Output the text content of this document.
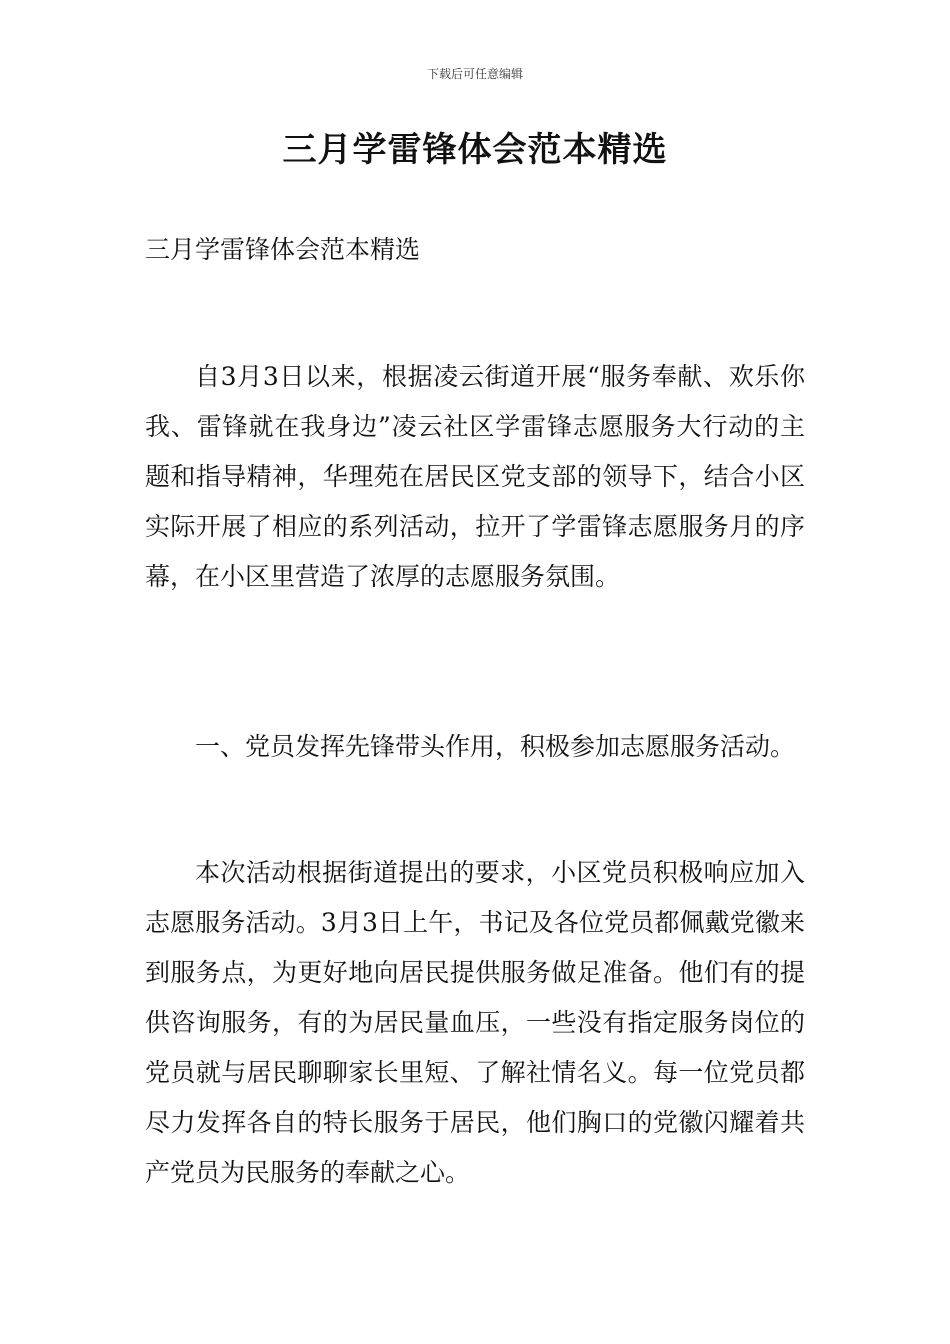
下载后可任意编辑
三月学雷锋体会范本精选
三月学雷锋体会范本精选

自3月3日以来，根据凌云街道开展“服务奉献、欢乐你我、雷锋就在我身边”凌云社区学雷锋志愿服务大行动的主题和指导精神，华理苑在居民区党支部的领导下，结合小区实际开展了相应的系列活动，拉开了学雷锋志愿服务月的序幕，在小区里营造了浓厚的志愿服务氛围。

一、党员发挥先锋带头作用，积极参加志愿服务活动。

本次活动根据街道提出的要求，小区党员积极响应加入志愿服务活动。3月3日上午，书记及各位党员都佩戴党徽来到服务点，为更好地向居民提供服务做足准备。他们有的提供咨询服务，有的为居民量血压，一些没有指定服务岗位的党员就与居民聊聊家长里短、了解社情名义。每一位党员都尽力发挥各自的特长服务于居民，他们胸口的党徽闪耀着共产党员为民服务的奉献之心。
